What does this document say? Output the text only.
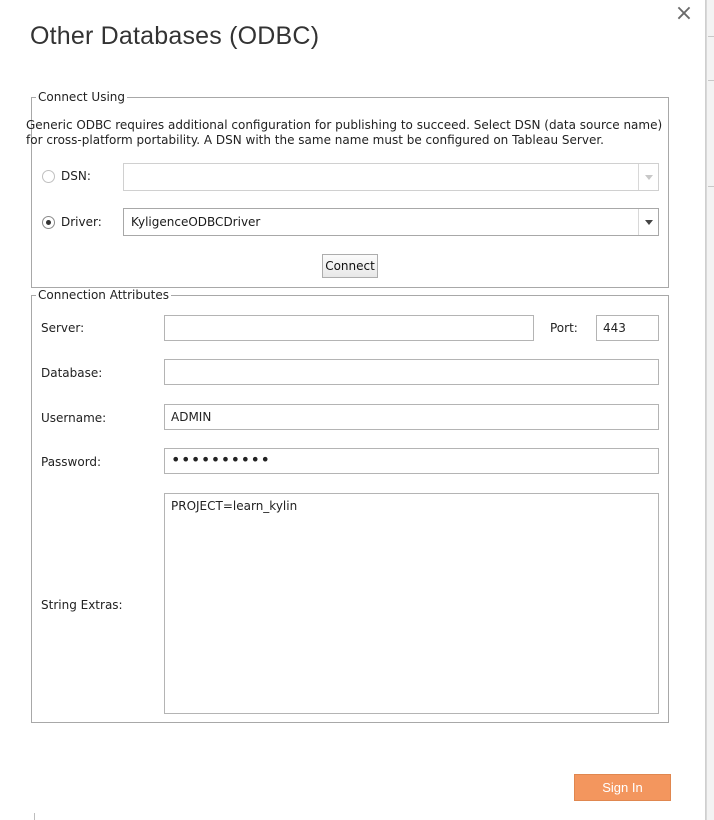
×
Other Databases (ODBC)
Connect Using
Generic ODBC requires additional configuration for publishing to succeed. Select DSN (data source name) for cross-platform portability. A DSN with the same name must be configured on Tableau Server.
DSN:
Driver:	KyligenceODBCDriver
Connect
Connection Attributes
Server:	Port:	443
Database:
Username:	ADMIN
Password:	••••••••••
String Extras:
PROJECT=learn_kylin
Sign In
